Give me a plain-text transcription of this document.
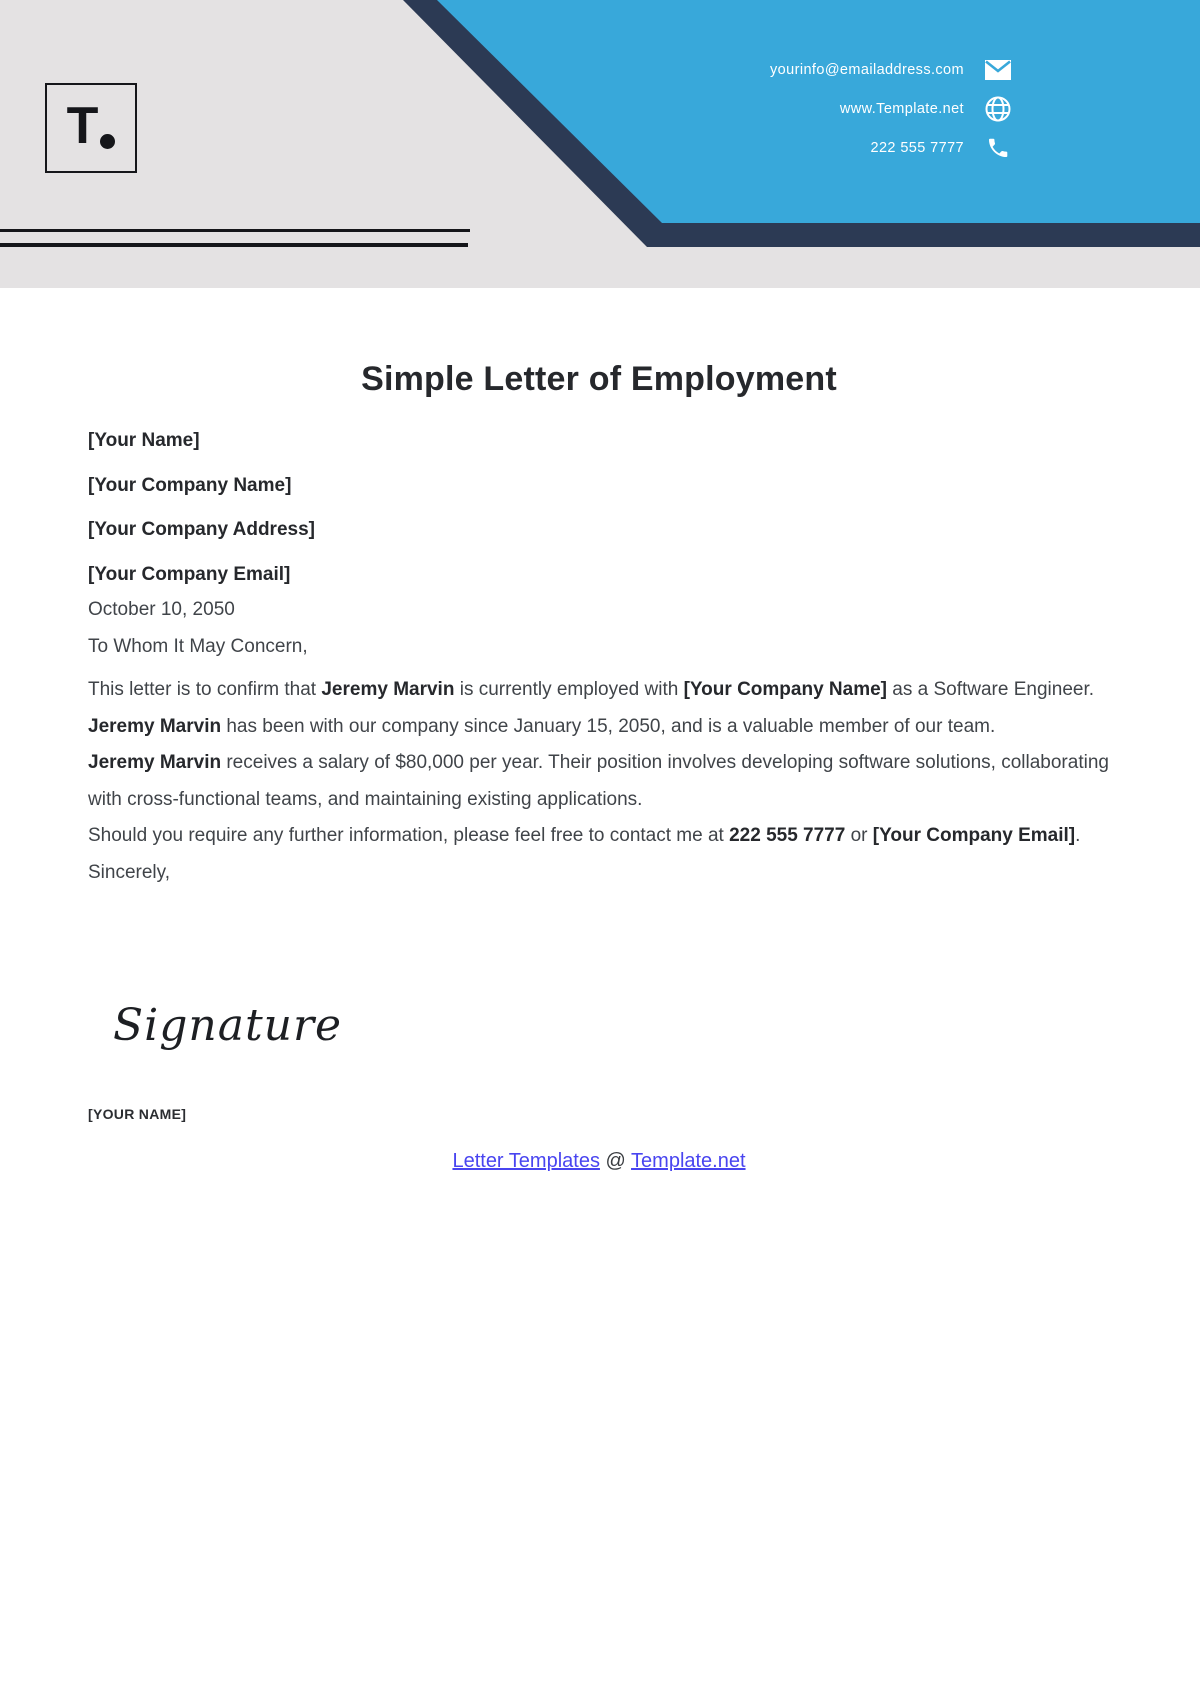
T
yourinfo@emailaddress.com
www.Template.net
222 555 7777
Simple Letter of Employment

[Your Name]

[Your Company Name]

[Your Company Address]

[Your Company Email]

October 10, 2050

To Whom It May Concern,

This letter is to confirm that Jeremy Marvin is currently employed with [Your Company Name] as a Software Engineer. Jeremy Marvin has been with our company since January 15, 2050, and is a valuable member of our team.

Jeremy Marvin receives a salary of $80,000 per year. Their position involves developing software solutions, collaborating with cross-functional teams, and maintaining existing applications.

Should you require any further information, please feel free to contact me at 222 555 7777 or [Your Company Email].

Sincerely,

Signature

[YOUR NAME]

Letter Templates @ Template.net
